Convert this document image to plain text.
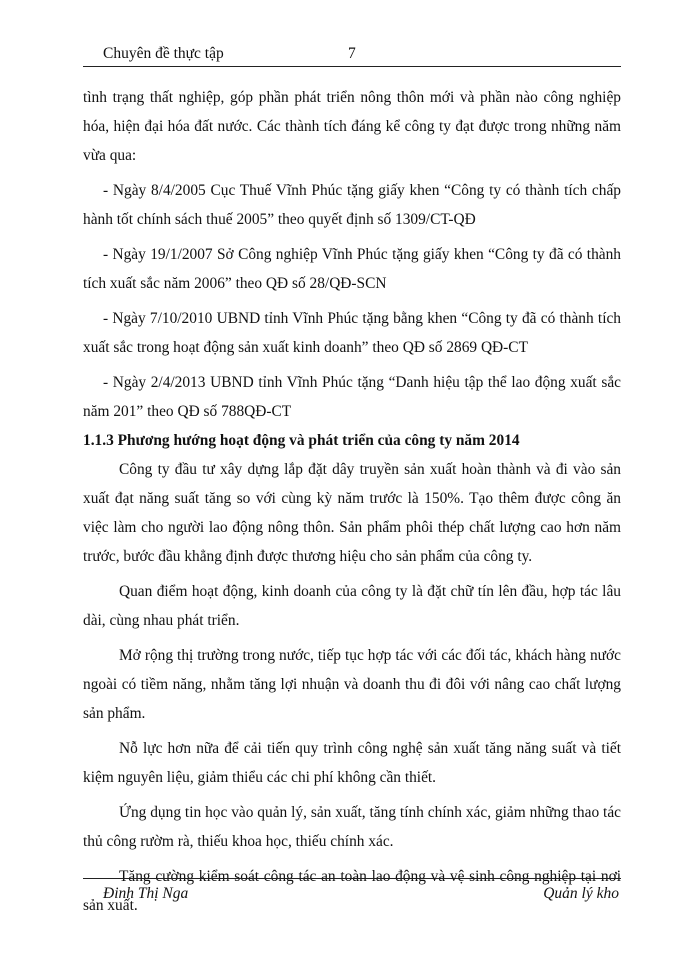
Chuyên đề thực tập	7

tình trạng thất nghiệp, góp phần phát triển nông thôn mới và phần nào công nghiệp hóa, hiện đại hóa đất nước. Các thành tích đáng kể công ty đạt được trong những năm vừa qua:

- Ngày 8/4/2005 Cục Thuế Vĩnh Phúc tặng giấy khen “Công ty có thành tích chấp hành tốt chính sách thuế 2005” theo quyết định số 1309/CT-QĐ

- Ngày 19/1/2007 Sở Công nghiệp Vĩnh Phúc tặng giấy khen “Công ty đã có thành tích xuất sắc năm 2006” theo QĐ số 28/QĐ-SCN

- Ngày 7/10/2010 UBND tỉnh Vĩnh Phúc tặng bằng khen “Công ty đã có thành tích xuất sắc trong hoạt động sản xuất kinh doanh” theo QĐ số 2869 QĐ-CT

- Ngày 2/4/2013 UBND tỉnh Vĩnh Phúc tặng “Danh hiệu tập thể lao động xuất sắc năm 201” theo QĐ số 788QĐ-CT

1.1.3 Phương hướng hoạt động và phát triển của công ty năm 2014

Công ty đầu tư xây dựng lắp đặt dây truyền sản xuất hoàn thành và đi vào sản xuất đạt năng suất tăng so với cùng kỳ năm trước là 150%. Tạo thêm được công ăn việc làm cho người lao động nông thôn. Sản phẩm phôi thép chất lượng cao hơn năm trước, bước đầu khẳng định được thương hiệu cho sản phẩm của công ty.

Quan điểm hoạt động, kinh doanh của công ty là đặt chữ tín lên đầu, hợp tác lâu dài, cùng nhau phát triển.

Mở rộng thị trường trong nước, tiếp tục hợp tác với các đối tác, khách hàng nước ngoài có tiềm năng, nhằm tăng lợi nhuận và doanh thu đi đôi với nâng cao chất lượng sản phẩm.

Nỗ lực hơn nữa để cải tiến quy trình công nghệ sản xuất tăng năng suất và tiết kiệm nguyên liệu, giảm thiểu các chi phí không cần thiết.

Ứng dụng tin học vào quản lý, sản xuất, tăng tính chính xác, giảm những thao tác thủ công rườm rà, thiếu khoa học, thiếu chính xác.

Tăng cường kiểm soát công tác an toàn lao động và vệ sinh công nghiệp tại nơi sản xuất.

Đinh Thị Nga	Quản lý kho
